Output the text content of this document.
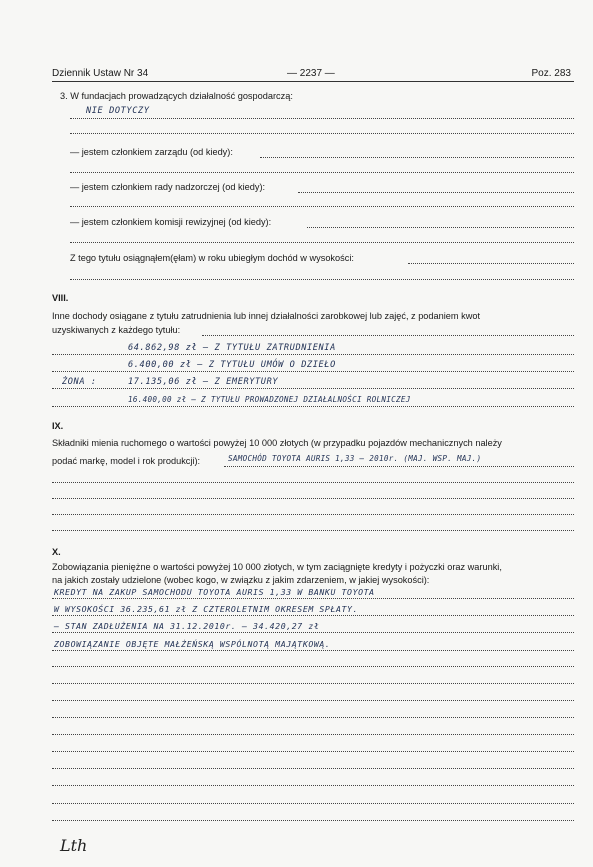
Dziennik Ustaw Nr 34	— 2237 —	Poz. 283
3. W fundacjach prowadzących działalność gospodarczą:
NIE DOTYCZY
— jestem członkiem zarządu (od kiedy):
— jestem członkiem rady nadzorczej (od kiedy):
— jestem członkiem komisji rewizyjnej (od kiedy):
Z tego tytułu osiągnąłem(ęłam) w roku ubiegłym dochód w wysokości:
VIII.
Inne dochody osiągane z tytułu zatrudnienia lub innej działalności zarobkowej lub zajęć, z podaniem kwot
uzyskiwanych z każdego tytułu:
64.862,98 zł – Z TYTUŁU ZATRUDNIENIA
6.400,00 zł – Z TYTUŁU UMÓW O DZIEŁO
ŻONA :	17.135,06 zł – Z EMERYTURY
16.400,00 zł – Z TYTUŁU PROWADZONEJ DZIAŁALNOŚCI ROLNICZEJ
IX.
Składniki mienia ruchomego o wartości powyżej 10 000 złotych (w przypadku pojazdów mechanicznych należy
podać markę, model i rok produkcji):	SAMOCHÓD TOYOTA AURIS 1,33 – 2010r. (MAJ. WSP. MAJ.)
X.
Zobowiązania pieniężne o wartości powyżej 10 000 złotych, w tym zaciągnięte kredyty i pożyczki oraz warunki,
na jakich zostały udzielone (wobec kogo, w związku z jakim zdarzeniem, w jakiej wysokości):
KREDYT NA ZAKUP SAMOCHODU TOYOTA AURIS 1,33 W BANKU TOYOTA
W WYSOKOŚCI 36.235,61 zł Z CZTEROLETNIM OKRESEM SPŁATY.
– STAN ZADŁUŻENIA NA 31.12.2010r. – 34.420,27 zł
ZOBOWIĄZANIE OBJĘTE MAŁŻEŃSKĄ WSPÓLNOTĄ MAJĄTKOWĄ.
Lth
